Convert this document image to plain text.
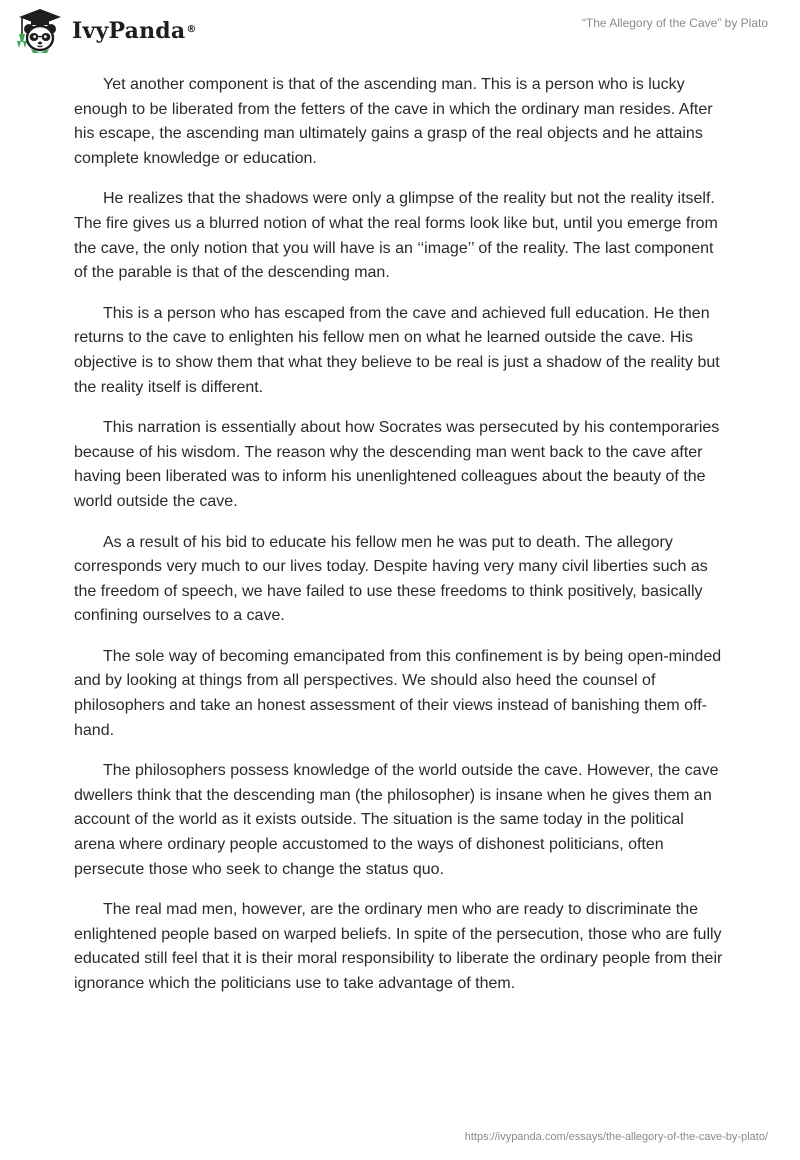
IvyPanda ®	“The Allegory of the Cave” by Plato

Yet another component is that of the ascending man. This is a person who is lucky enough to be liberated from the fetters of the cave in which the ordinary man resides. After his escape, the ascending man ultimately gains a grasp of the real objects and he attains complete knowledge or education.

He realizes that the shadows were only a glimpse of the reality but not the reality itself. The fire gives us a blurred notion of what the real forms look like but, until you emerge from the cave, the only notion that you will have is an ‘‘image’’ of the reality. The last component of the parable is that of the descending man.

This is a person who has escaped from the cave and achieved full education. He then returns to the cave to enlighten his fellow men on what he learned outside the cave. His objective is to show them that what they believe to be real is just a shadow of the reality but the reality itself is different.

This narration is essentially about how Socrates was persecuted by his contemporaries because of his wisdom. The reason why the descending man went back to the cave after having been liberated was to inform his unenlightened colleagues about the beauty of the world outside the cave.

As a result of his bid to educate his fellow men he was put to death. The allegory corresponds very much to our lives today. Despite having very many civil liberties such as the freedom of speech, we have failed to use these freedoms to think positively, basically confining ourselves to a cave.

The sole way of becoming emancipated from this confinement is by being open-minded and by looking at things from all perspectives. We should also heed the counsel of philosophers and take an honest assessment of their views instead of banishing them off-hand.

The philosophers possess knowledge of the world outside the cave. However, the cave dwellers think that the descending man (the philosopher) is insane when he gives them an account of the world as it exists outside. The situation is the same today in the political arena where ordinary people accustomed to the ways of dishonest politicians, often persecute those who seek to change the status quo.

The real mad men, however, are the ordinary men who are ready to discriminate the enlightened people based on warped beliefs. In spite of the persecution, those who are fully educated still feel that it is their moral responsibility to liberate the ordinary people from their ignorance which the politicians use to take advantage of them.

https://ivypanda.com/essays/the-allegory-of-the-cave-by-plato/
